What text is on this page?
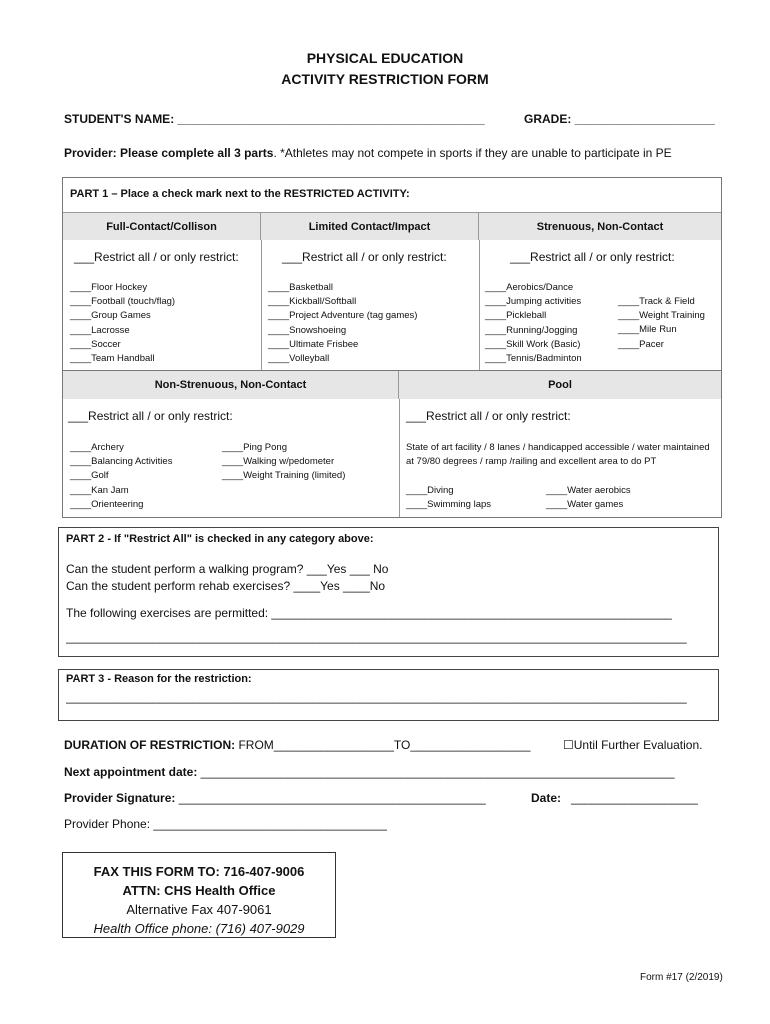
PHYSICAL EDUCATION
ACTIVITY RESTRICTION FORM
STUDENT'S NAME: ______________________________________________	GRADE: _____________________
Provider: Please complete all 3 parts. *Athletes may not compete in sports if they are unable to participate in PE
PART 1 – Place a check mark next to the RESTRICTED ACTIVITY:
Full-Contact/Collison	Limited Contact/Impact	Strenuous, Non-Contact
___Restrict all / or only restrict:	___Restrict all / or only restrict:	___Restrict all / or only restrict:
____Floor Hockey
____Football (touch/flag)
____Group Games
____Lacrosse
____Soccer
____Team Handball
____Basketball
____Kickball/Softball
____Project Adventure (tag games)
____Snowshoeing
____Ultimate Frisbee
____Volleyball
____Aerobics/Dance
____Jumping activities
____Pickleball
____Running/Jogging
____Skill Work (Basic)
____Tennis/Badminton
____Track & Field
____Weight Training
____Mile Run
____Pacer
Non-Strenuous, Non-Contact	Pool
___Restrict all / or only restrict:	___Restrict all / or only restrict:
____Archery
____Balancing Activities
____Golf
____Kan Jam
____Orienteering
____Ping Pong
____Walking w/pedometer
____Weight Training (limited)
State of art facility / 8 lanes / handicapped accessible / water maintained at 79/80 degrees / ramp /railing and excellent area to do PT
____Diving
____Swimming laps
____Water aerobics
____Water games
PART 2 - If "Restrict All" is checked in any category above:
Can the student perform a walking program? ___Yes ___ No
Can the student perform rehab exercises? ____Yes ____No
The following exercises are permitted: ____________________________________________________________
_____________________________________________________________________________________________
PART 3 - Reason for the restriction:
_____________________________________________________________________________________________
DURATION OF RESTRICTION: FROM__________________TO__________________	☐Until Further Evaluation.
Next appointment date: _______________________________________________________________________
Provider Signature: ______________________________________________	Date: ___________________
Provider Phone: ___________________________________
FAX THIS FORM TO: 716-407-9006
ATTN: CHS Health Office
Alternative Fax 407-9061
Health Office phone: (716) 407-9029
Form #17 (2/2019)
